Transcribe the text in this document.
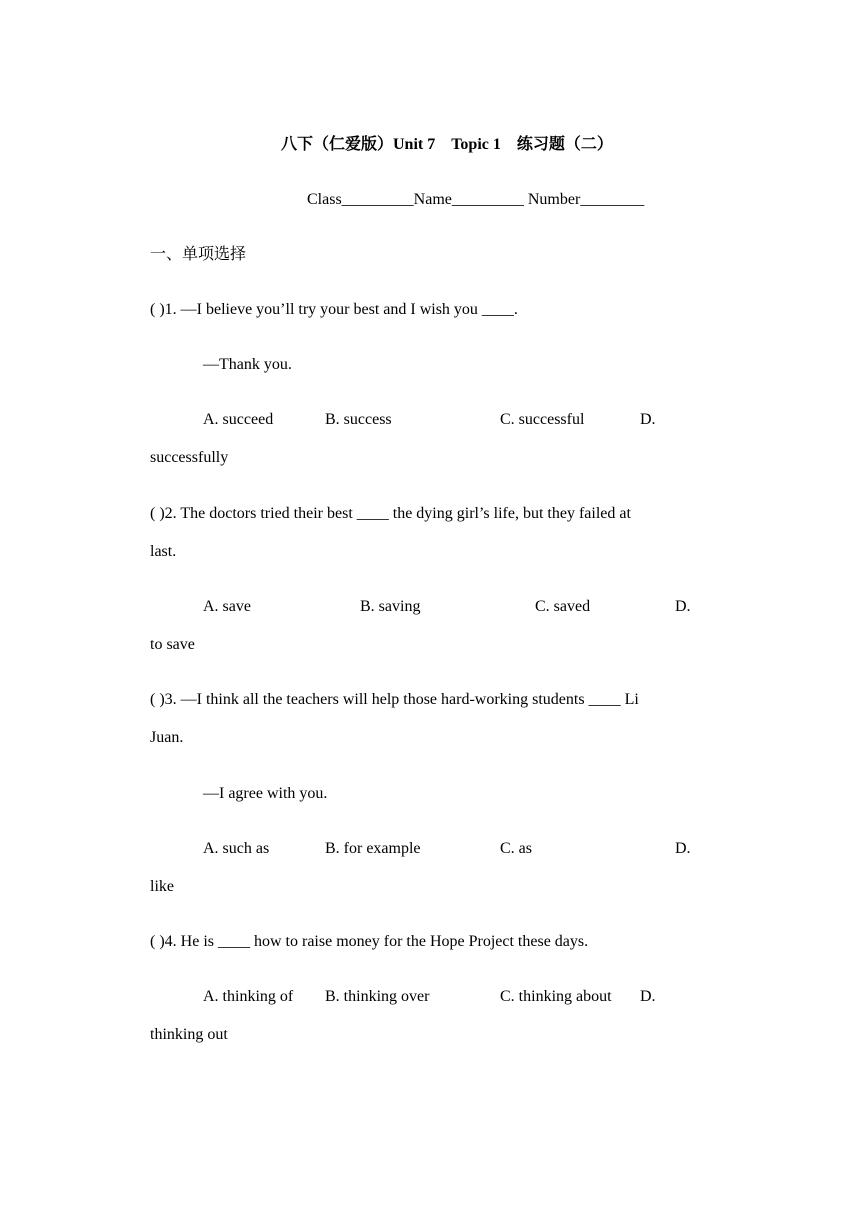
八下（仁爱版）Unit 7　Topic 1　练习题（二）
Class_________Name_________ Number________
一、单项选择
( )1. —I believe you’ll try your best and I wish you ____.
—Thank you.
A. succeed	B. success	C. successful	D.
successfully
( )2. The doctors tried their best ____ the dying girl’s life, but they failed at
last.
A. save	B. saving	C. saved	D.
to save
( )3. —I think all the teachers will help those hard-working students ____ Li
Juan.
—I agree with you.
A. such as	B. for example	C. as	D.
like
( )4. He is ____ how to raise money for the Hope Project these days.
A. thinking of B. thinking over	C. thinking about D.
thinking out
